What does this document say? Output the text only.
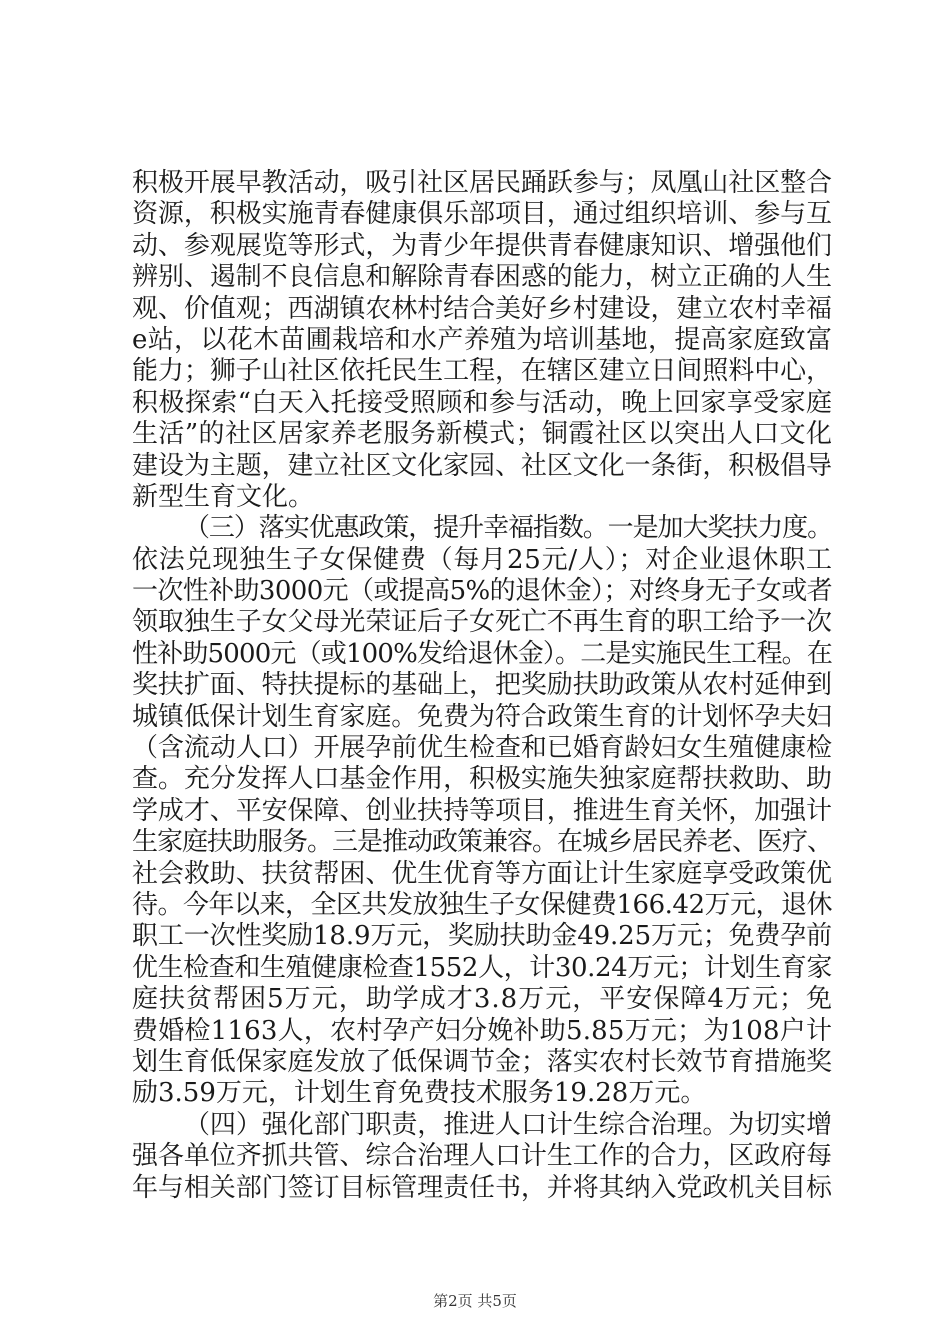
积极开展早教活动，吸引社区居民踊跃参与；凤凰山社区整合
资源，积极实施青春健康俱乐部项目，通过组织培训、参与互
动、参观展览等形式，为青少年提供青春健康知识、增强他们
辨别、遏制不良信息和解除青春困惑的能力，树立正确的人生
观、价值观；西湖镇农林村结合美好乡村建设，建立农村幸福
e站，以花木苗圃栽培和水产养殖为培训基地，提高家庭致富
能力；狮子山社区依托民生工程，在辖区建立日间照料中心，
积极探索“白天入托接受照顾和参与活动，晚上回家享受家庭
生活”的社区居家养老服务新模式；铜霞社区以突出人口文化
建设为主题，建立社区文化家园、社区文化一条街，积极倡导
新型生育文化。
（三）落实优惠政策，提升幸福指数。一是加大奖扶力度。
依法兑现独生子女保健费（每月25元/人）；对企业退休职工
一次性补助3000元（或提高5%的退休金）；对终身无子女或者
领取独生子女父母光荣证后子女死亡不再生育的职工给予一次
性补助5000元（或100%发给退休金）。二是实施民生工程。在
奖扶扩面、特扶提标的基础上，把奖励扶助政策从农村延伸到
城镇低保计划生育家庭。免费为符合政策生育的计划怀孕夫妇
（含流动人口）开展孕前优生检查和已婚育龄妇女生殖健康检
查。充分发挥人口基金作用，积极实施失独家庭帮扶救助、助
学成才、平安保障、创业扶持等项目，推进生育关怀，加强计
生家庭扶助服务。三是推动政策兼容。在城乡居民养老、医疗、
社会救助、扶贫帮困、优生优育等方面让计生家庭享受政策优
待。今年以来，全区共发放独生子女保健费166.42万元，退休
职工一次性奖励18.9万元，奖励扶助金49.25万元；免费孕前
优生检查和生殖健康检查1552人，计30.24万元；计划生育家
庭扶贫帮困5万元，助学成才3.8万元，平安保障4万元；免
费婚检1163人，农村孕产妇分娩补助5.85万元；为108户计
划生育低保家庭发放了低保调节金；落实农村长效节育措施奖
励3.59万元，计划生育免费技术服务19.28万元。
（四）强化部门职责，推进人口计生综合治理。为切实增
强各单位齐抓共管、综合治理人口计生工作的合力，区政府每
年与相关部门签订目标管理责任书，并将其纳入党政机关目标
第2页 共5页
